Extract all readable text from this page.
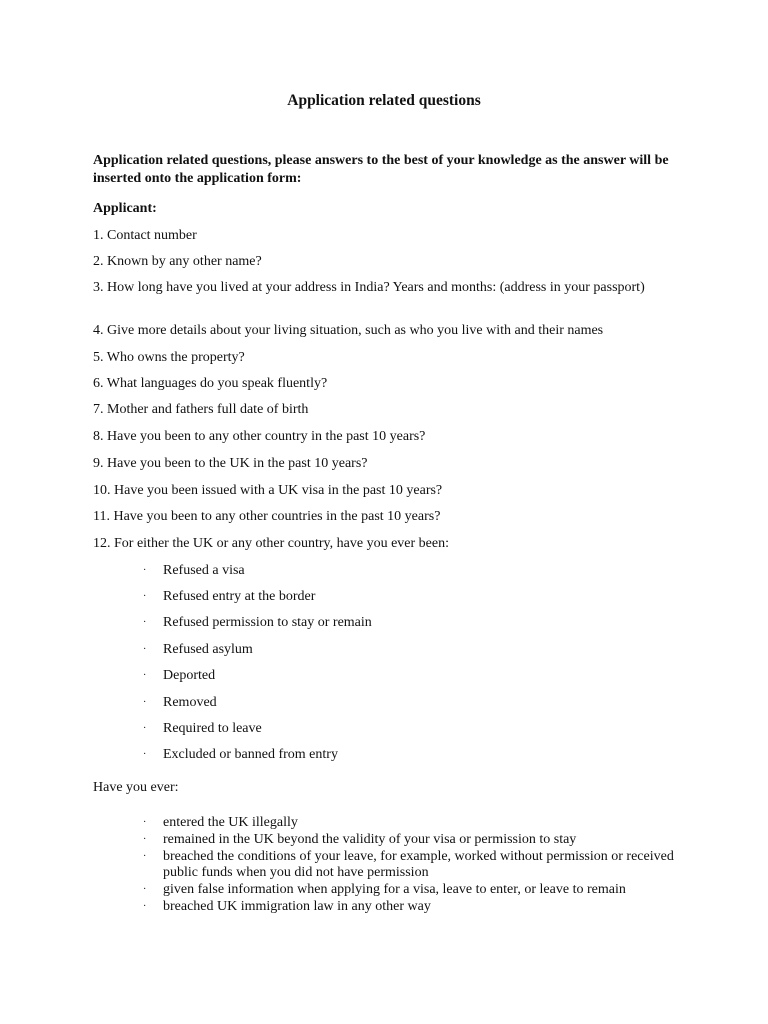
Application related questions
Application related questions, please answers to the best of your knowledge as the answer will be inserted onto the application form:
Applicant:
1. Contact number
2. Known by any other name?
3. How long have you lived at your address in India? Years and months: (address in your passport)
4. Give more details about your living situation, such as who you live with and their names
5. Who owns the property?
6. What languages do you speak fluently?
7. Mother and fathers full date of birth
8. Have you been to any other country in the past 10 years?
9. Have you been to the UK in the past 10 years?
10. Have you been issued with a UK visa in the past 10 years?
11. Have you been to any other countries in the past 10 years?
12. For either the UK or any other country, have you ever been:
· Refused a visa
· Refused entry at the border
· Refused permission to stay or remain
· Refused asylum
· Deported
· Removed
· Required to leave
· Excluded or banned from entry
Have you ever:
· entered the UK illegally
· remained in the UK beyond the validity of your visa or permission to stay
· breached the conditions of your leave, for example, worked without permission or received public funds when you did not have permission
· given false information when applying for a visa, leave to enter, or leave to remain
· breached UK immigration law in any other way
